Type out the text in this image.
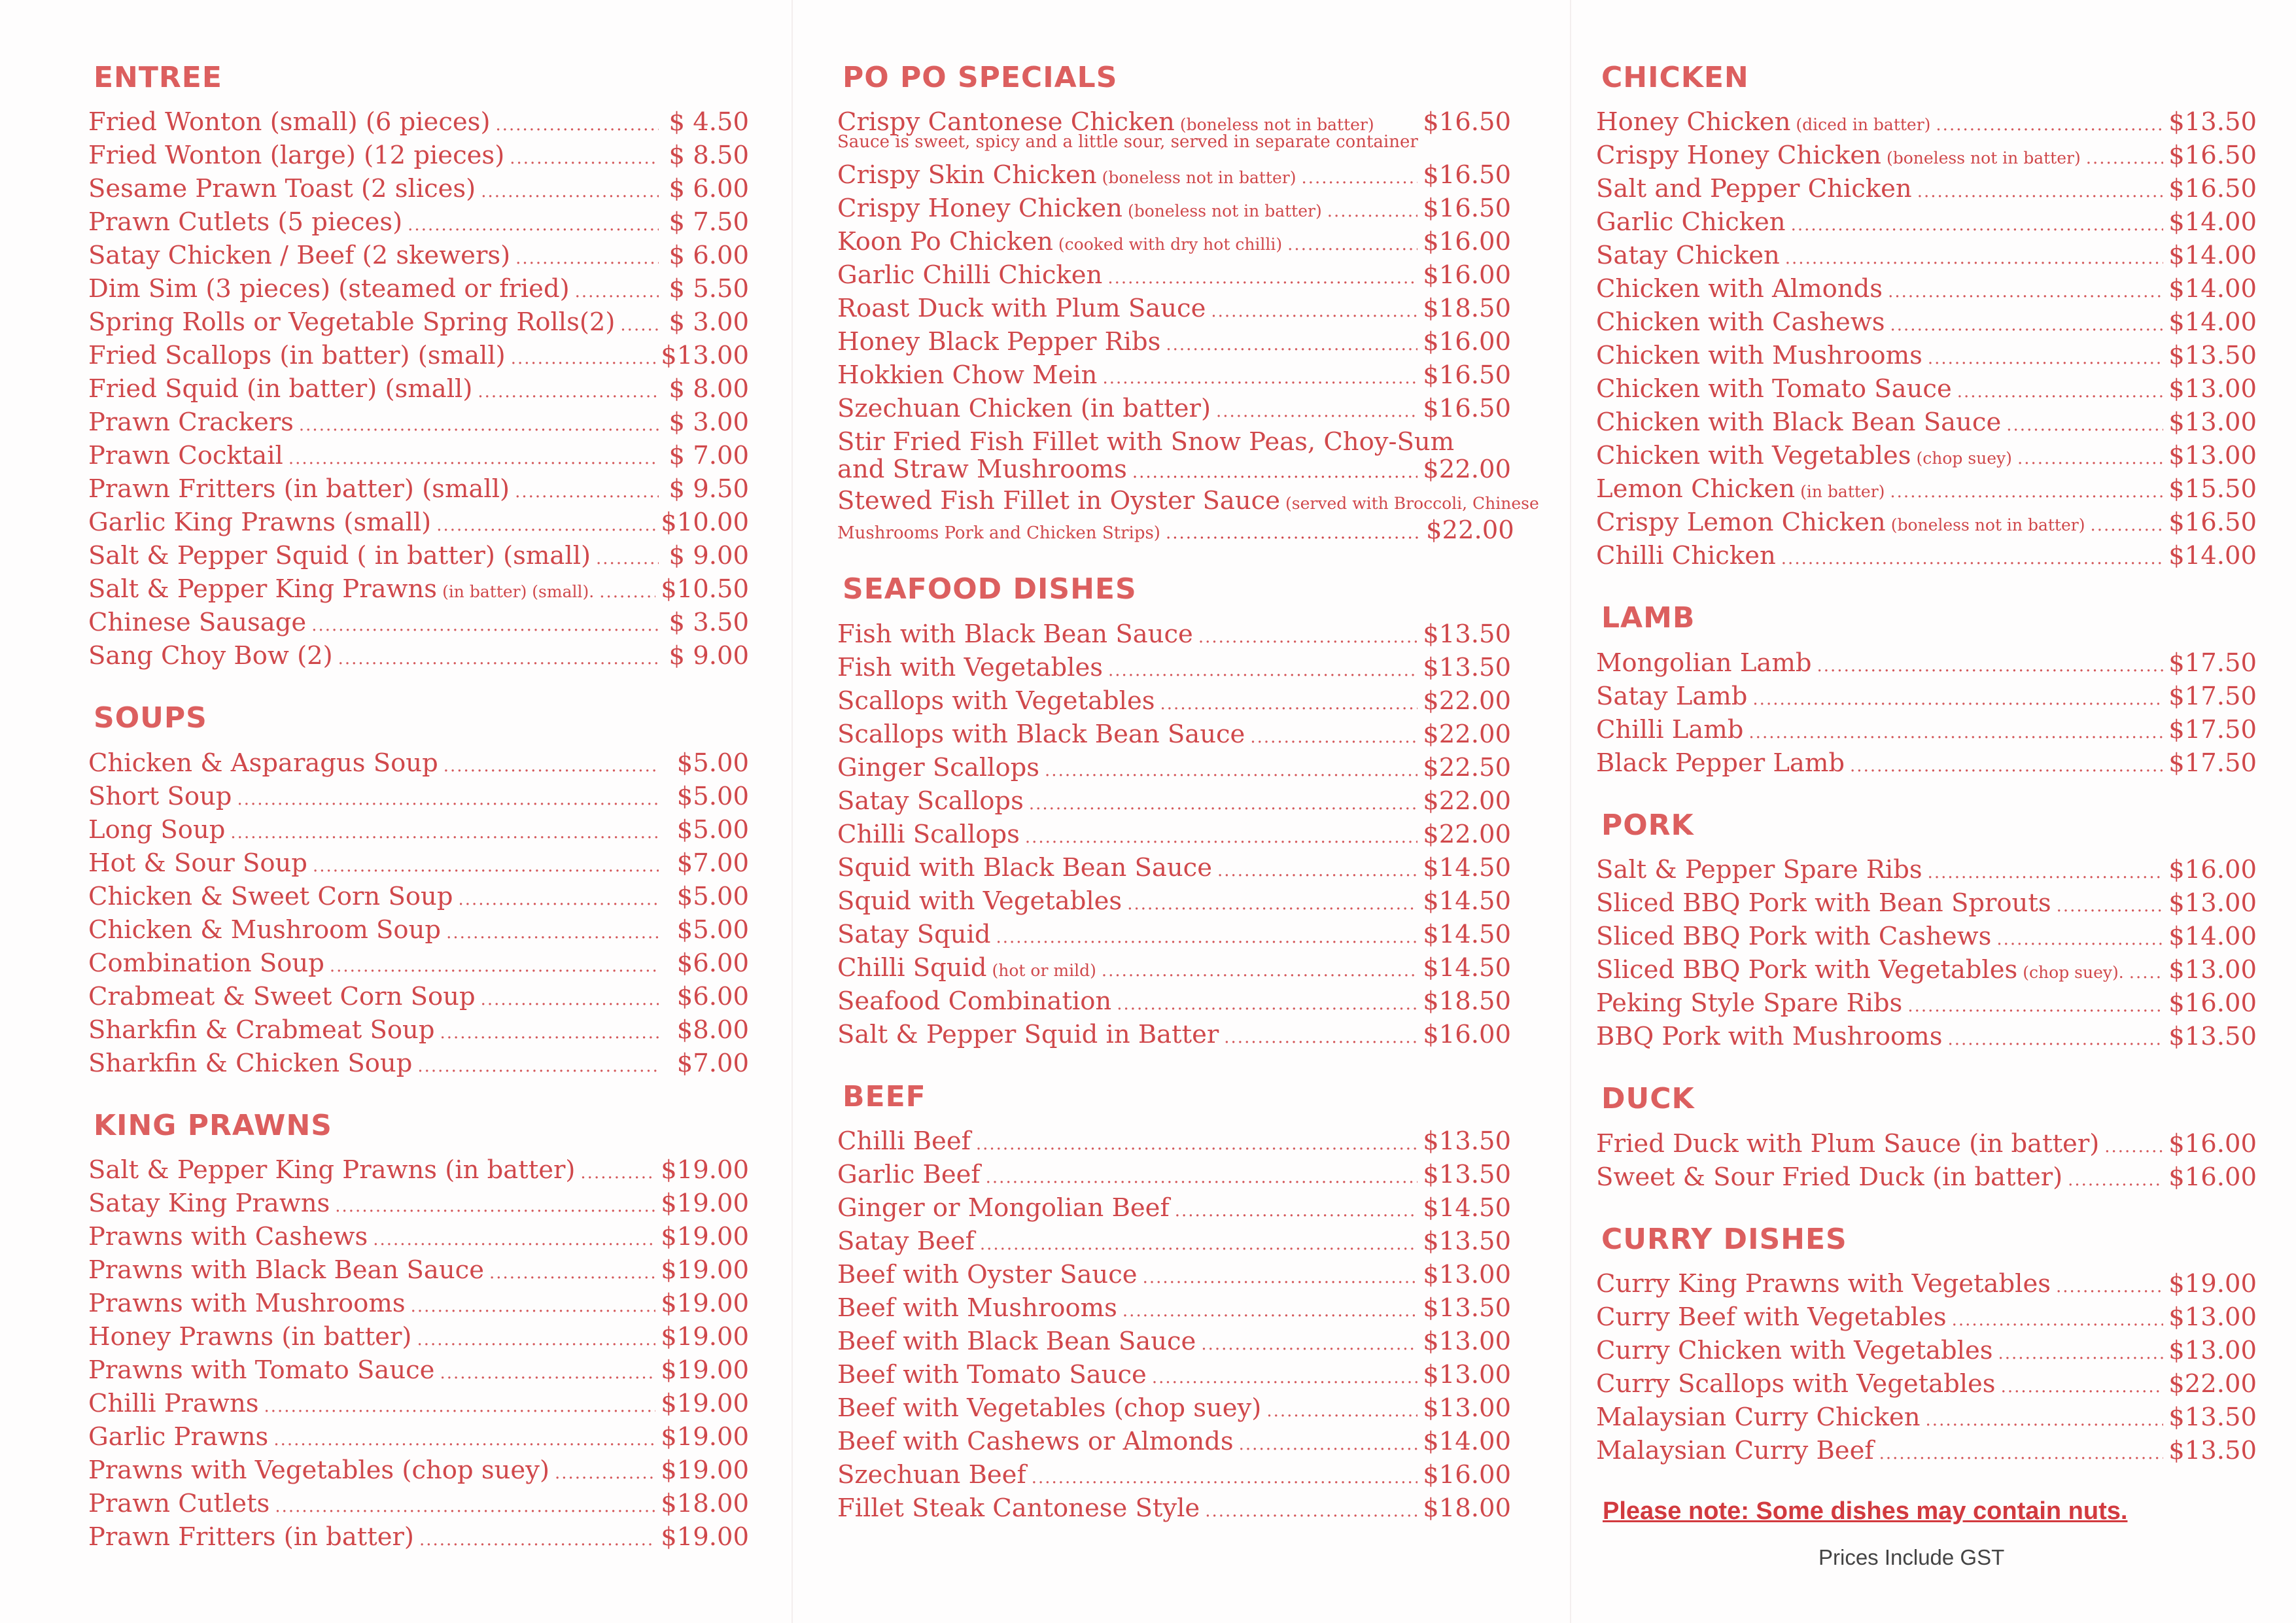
ENTREE
Fried Wonton (small) (6 pieces) .....	$ 4.50
Fried Wonton (large) (12 pieces) .....	$ 8.50
Sesame Prawn Toast (2 slices) .....	$ 6.00
Prawn Cutlets (5 pieces) .....	$ 7.50
Satay Chicken / Beef (2 skewers) .....	$ 6.00
Dim Sim (3 pieces) (steamed or fried) .....	$ 5.50
Spring Rolls or Vegetable Spring Rolls(2) ..... $ 3.00
Fried Scallops (in batter) (small) .....	$13.00
Fried Squid (in batter) (small) .....	$ 8.00
Prawn Crackers .....	$ 3.00
Prawn Cocktail .....	$ 7.00
Prawn Fritters (in batter) (small) .....	$ 9.50
Garlic King Prawns (small) .....	$10.00
Salt & Pepper Squid ( in batter) (small) .....	$ 9.00
Salt & Pepper King Prawns (in batter) (small). .....	$10.50
Chinese Sausage .....	$ 3.50
Sang Choy Bow (2) .....	$ 9.00
SOUPS
Chicken & Asparagus Soup .....	$5.00
Short Soup .....	$5.00
Long Soup .....	$5.00
Hot & Sour Soup .....	$7.00
Chicken & Sweet Corn Soup .....	$5.00
Chicken & Mushroom Soup .....	$5.00
Combination Soup .....	$6.00
Crabmeat & Sweet Corn Soup .....	$6.00
Sharkfin & Crabmeat Soup .....	$8.00
Sharkfin & Chicken Soup .....	$7.00
KING PRAWNS
Salt & Pepper King Prawns (in batter) .....	$19.00
Satay King Prawns .....	$19.00
Prawns with Cashews .....	$19.00
Prawns with Black Bean Sauce .....	$19.00
Prawns with Mushrooms .....	$19.00
Honey Prawns (in batter) .....	$19.00
Prawns with Tomato Sauce .....	$19.00
Chilli Prawns .....	$19.00
Garlic Prawns .....	$19.00
Prawns with Vegetables (chop suey) .....	$19.00
Prawn Cutlets .....	$18.00
Prawn Fritters (in batter) .....	$19.00
PO PO SPECIALS
Crispy Cantonese Chicken (boneless not in batter) $16.50
Sauce is sweet, spicy and a little sour, served in separate container
Crispy Skin Chicken (boneless not in batter) .....	$16.50
Crispy Honey Chicken (boneless not in batter) .....	$16.50
Koon Po Chicken (cooked with dry hot chilli) .....	$16.00
Garlic Chilli Chicken .....	$16.00
Roast Duck with Plum Sauce .....	$18.50
Honey Black Pepper Ribs .....	$16.00
Hokkien Chow Mein .....	$16.50
Szechuan Chicken (in batter) .....	$16.50
Stir Fried Fish Fillet with Snow Peas, Choy-Sum
and Straw Mushrooms .....	$22.00
Stewed Fish Fillet in Oyster Sauce (served with Broccoli, Chinese
Mushrooms Pork and Chicken Strips) .....	$22.00
SEAFOOD DISHES
Fish with Black Bean Sauce .....	$13.50
Fish with Vegetables .....	$13.50
Scallops with Vegetables .....	$22.00
Scallops with Black Bean Sauce .....	$22.00
Ginger Scallops .....	$22.50
Satay Scallops .....	$22.00
Chilli Scallops .....	$22.00
Squid with Black Bean Sauce .....	$14.50
Squid with Vegetables .....	$14.50
Satay Squid .....	$14.50
Chilli Squid (hot or mild) .....	$14.50
Seafood Combination .....	$18.50
Salt & Pepper Squid in Batter .....	$16.00
BEEF
Chilli Beef .....	$13.50
Garlic Beef .....	$13.50
Ginger or Mongolian Beef .....	$14.50
Satay Beef .....	$13.50
Beef with Oyster Sauce .....	$13.00
Beef with Mushrooms .....	$13.50
Beef with Black Bean Sauce .....	$13.00
Beef with Tomato Sauce .....	$13.00
Beef with Vegetables (chop suey) .....	$13.00
Beef with Cashews or Almonds .....	$14.00
Szechuan Beef .....	$16.00
Fillet Steak Cantonese Style .....	$18.00
CHICKEN
Honey Chicken (diced in batter) .....	$13.50
Crispy Honey Chicken (boneless not in batter) .....	$16.50
Salt and Pepper Chicken .....	$16.50
Garlic Chicken .....	$14.00
Satay Chicken .....	$14.00
Chicken with Almonds .....	$14.00
Chicken with Cashews .....	$14.00
Chicken with Mushrooms .....	$13.50
Chicken with Tomato Sauce .....	$13.00
Chicken with Black Bean Sauce .....	$13.00
Chicken with Vegetables (chop suey) .....	$13.00
Lemon Chicken (in batter) .....	$15.50
Crispy Lemon Chicken (boneless not in batter) .....	$16.50
Chilli Chicken .....	$14.00
LAMB
Mongolian Lamb .....	$17.50
Satay Lamb .....	$17.50
Chilli Lamb .....	$17.50
Black Pepper Lamb .....	$17.50
PORK
Salt & Pepper Spare Ribs .....	$16.00
Sliced BBQ Pork with Bean Sprouts .....	$13.00
Sliced BBQ Pork with Cashews .....	$14.00
Sliced BBQ Pork with Vegetables (chop suey). ..... $13.00
Peking Style Spare Ribs .....	$16.00
BBQ Pork with Mushrooms .....	$13.50
DUCK
Fried Duck with Plum Sauce (in batter) .....	$16.00
Sweet & Sour Fried Duck (in batter) .....	$16.00
CURRY DISHES
Curry King Prawns with Vegetables .....	$19.00
Curry Beef with Vegetables .....	$13.00
Curry Chicken with Vegetables .....	$13.00
Curry Scallops with Vegetables .....	$22.00
Malaysian Curry Chicken .....	$13.50
Malaysian Curry Beef .....	$13.50
Please note: Some dishes may contain nuts.
Prices Include GST
